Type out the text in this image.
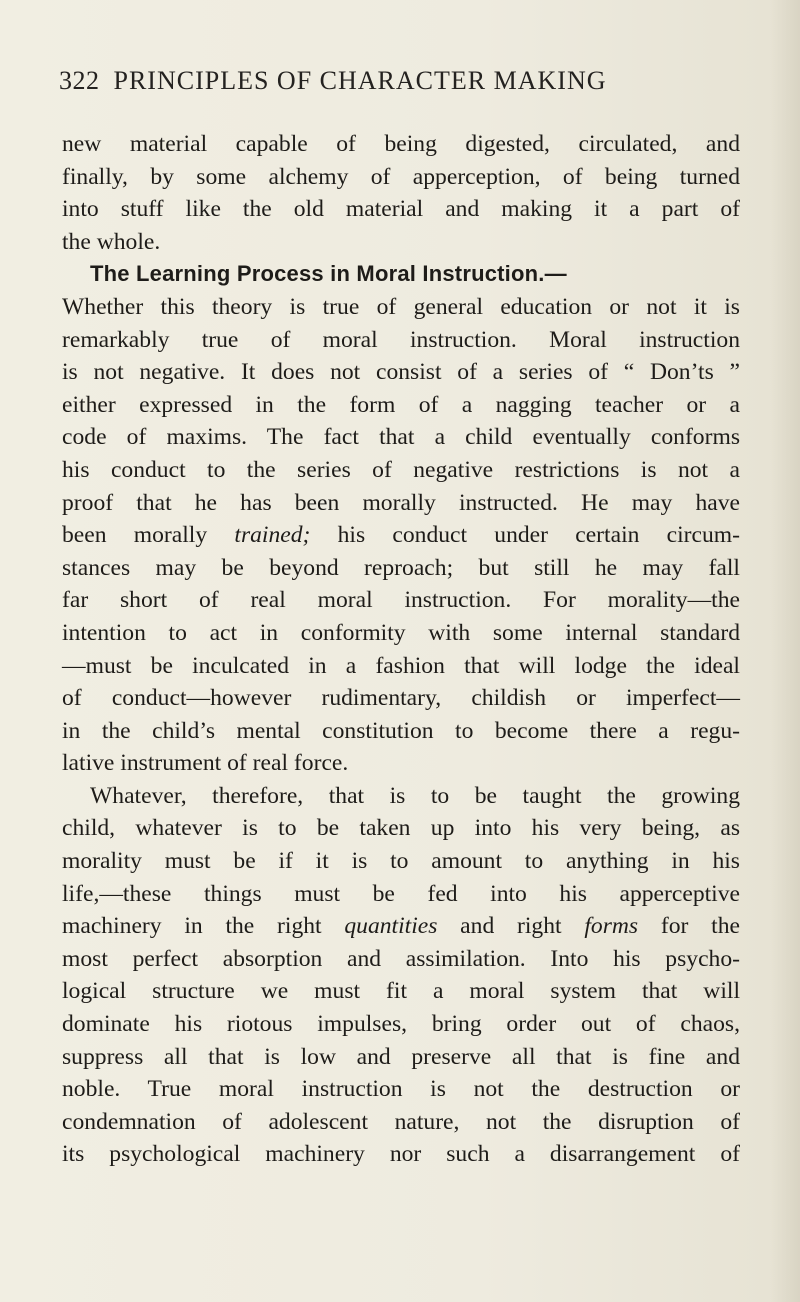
322 PRINCIPLES OF CHARACTER MAKING
new material capable of being digested, circulated, and
finally, by some alchemy of apperception, of being turned
into stuff like the old material and making it a part of
the whole.
The Learning Process in Moral Instruction.—
Whether this theory is true of general education or not it is
remarkably true of moral instruction. Moral instruction
is not negative. It does not consist of a series of “ Don’ts ”
either expressed in the form of a nagging teacher or a
code of maxims. The fact that a child eventually conforms
his conduct to the series of negative restrictions is not a
proof that he has been morally instructed. He may have
been morally trained; his conduct under certain circum-
stances may be beyond reproach; but still he may fall
far short of real moral instruction. For morality—the
intention to act in conformity with some internal standard
—must be inculcated in a fashion that will lodge the ideal
of conduct—however rudimentary, childish or imperfect—
in the child’s mental constitution to become there a regu-
lative instrument of real force.
Whatever, therefore, that is to be taught the growing
child, whatever is to be taken up into his very being, as
morality must be if it is to amount to anything in his
life,—these things must be fed into his apperceptive
machinery in the right quantities and right forms for the
most perfect absorption and assimilation. Into his psycho-
logical structure we must fit a moral system that will
dominate his riotous impulses, bring order out of chaos,
suppress all that is low and preserve all that is fine and
noble. True moral instruction is not the destruction or
condemnation of adolescent nature, not the disruption of
its psychological machinery nor such a disarrangement of
